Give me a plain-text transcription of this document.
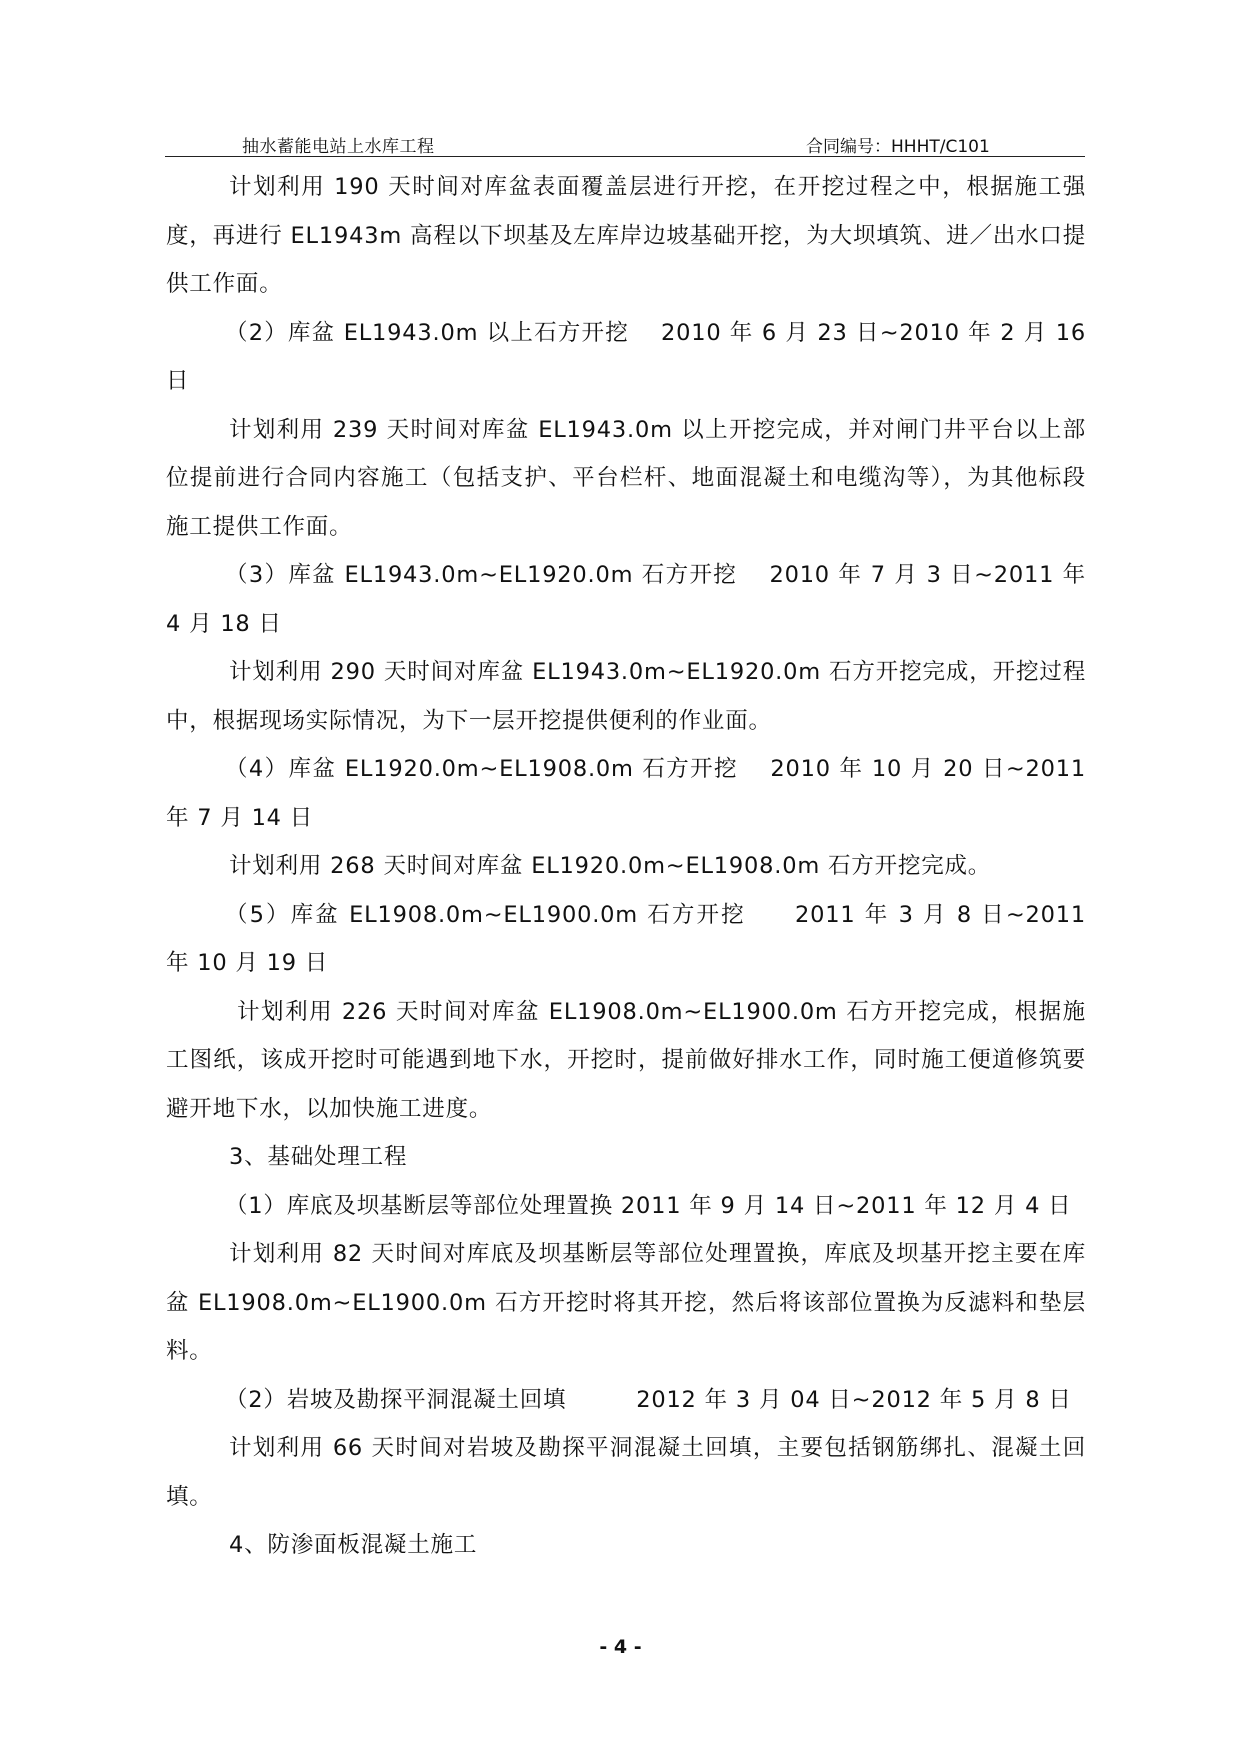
抽水蓄能电站上水库工程	合同编号：HHHT/C101

计划利用 190 天时间对库盆表面覆盖层进行开挖，在开挖过程之中，根据施工强度，再进行 EL1943m 高程以下坝基及左库岸边坡基础开挖，为大坝填筑、进／出水口提供工作面。

（2）库盆 EL1943.0m 以上石方开挖　 2010 年 6 月 23 日~2010 年 2 月 16 日

计划利用 239 天时间对库盆 EL1943.0m 以上开挖完成，并对闸门井平台以上部位提前进行合同内容施工（包括支护、平台栏杆、地面混凝土和电缆沟等），为其他标段施工提供工作面。

（3）库盆 EL1943.0m~EL1920.0m 石方开挖　 2010 年 7 月 3 日~2011 年 4 月 18 日

计划利用 290 天时间对库盆 EL1943.0m~EL1920.0m 石方开挖完成，开挖过程中，根据现场实际情况，为下一层开挖提供便利的作业面。

（4）库盆 EL1920.0m~EL1908.0m 石方开挖　 2010 年 10 月 20 日~2011 年 7 月 14 日

计划利用 268 天时间对库盆 EL1920.0m~EL1908.0m 石方开挖完成。

（5）库盆 EL1908.0m~EL1900.0m 石方开挖　　2011 年 3 月 8 日~2011 年 10 月 19 日

计划利用 226 天时间对库盆 EL1908.0m~EL1900.0m 石方开挖完成，根据施工图纸，该成开挖时可能遇到地下水，开挖时，提前做好排水工作，同时施工便道修筑要避开地下水，以加快施工进度。

3、基础处理工程

（1）库底及坝基断层等部位处理置换 2011 年 9 月 14 日~2011 年 12 月 4 日

计划利用 82 天时间对库底及坝基断层等部位处理置换，库底及坝基开挖主要在库盆 EL1908.0m~EL1900.0m 石方开挖时将其开挖，然后将该部位置换为反滤料和垫层料。

（2）岩坡及勘探平洞混凝土回填　　　2012 年 3 月 04 日~2012 年 5 月 8 日

计划利用 66 天时间对岩坡及勘探平洞混凝土回填，主要包括钢筋绑扎、混凝土回填。

4、防渗面板混凝土施工

- 4 -
